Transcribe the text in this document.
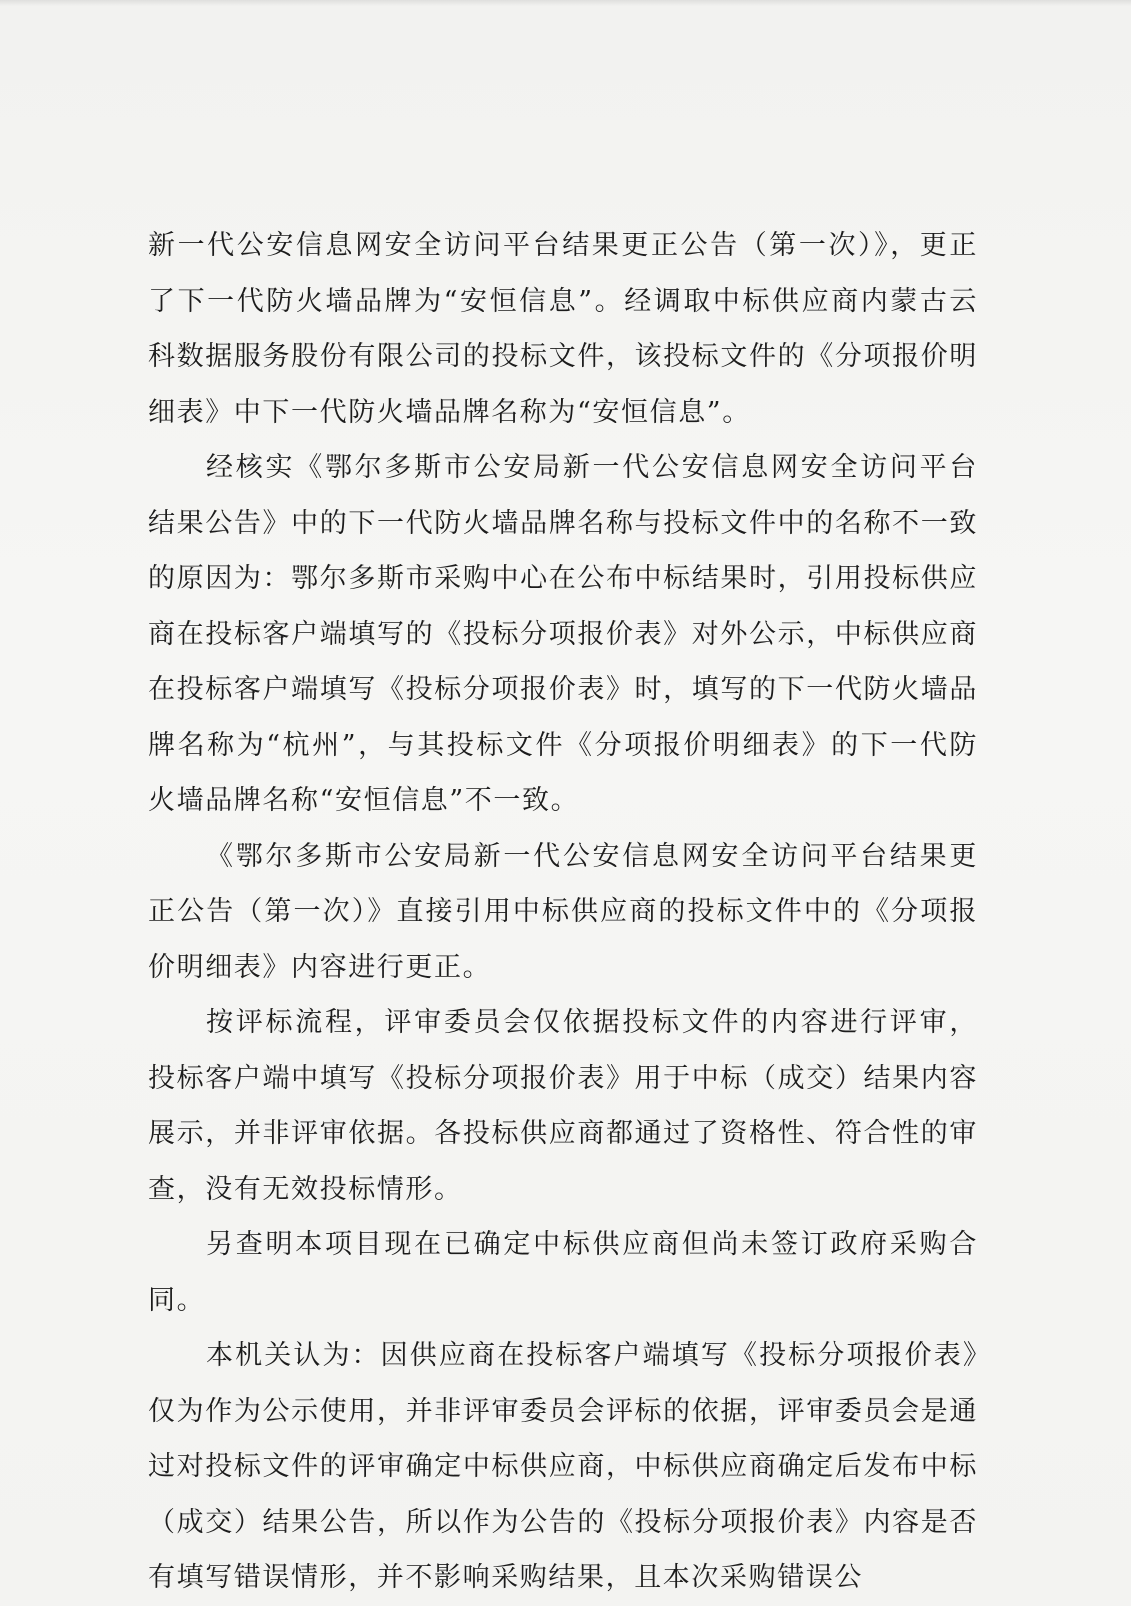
新一代公安信息网安全访问平台结果更正公告（第一次）》，更正了下一代防火墙品牌为“安恒信息”。经调取中标供应商内蒙古云科数据服务股份有限公司的投标文件，该投标文件的《分项报价明细表》中下一代防火墙品牌名称为“安恒信息”。

经核实《鄂尔多斯市公安局新一代公安信息网安全访问平台结果公告》中的下一代防火墙品牌名称与投标文件中的名称不一致的原因为：鄂尔多斯市采购中心在公布中标结果时，引用投标供应商在投标客户端填写的《投标分项报价表》对外公示，中标供应商在投标客户端填写《投标分项报价表》时，填写的下一代防火墙品牌名称为“杭州”，与其投标文件《分项报价明细表》的下一代防火墙品牌名称“安恒信息”不一致。

《鄂尔多斯市公安局新一代公安信息网安全访问平台结果更正公告（第一次）》直接引用中标供应商的投标文件中的《分项报价明细表》内容进行更正。

按评标流程，评审委员会仅依据投标文件的内容进行评审，投标客户端中填写《投标分项报价表》用于中标（成交）结果内容展示，并非评审依据。各投标供应商都通过了资格性、符合性的审查，没有无效投标情形。

另查明本项目现在已确定中标供应商但尚未签订政府采购合同。

本机关认为：因供应商在投标客户端填写《投标分项报价表》仅为作为公示使用，并非评审委员会评标的依据，评审委员会是通过对投标文件的评审确定中标供应商，中标供应商确定后发布中标（成交）结果公告，所以作为公告的《投标分项报价表》内容是否有填写错误情形，并不影响采购结果，且本次采购错误公
